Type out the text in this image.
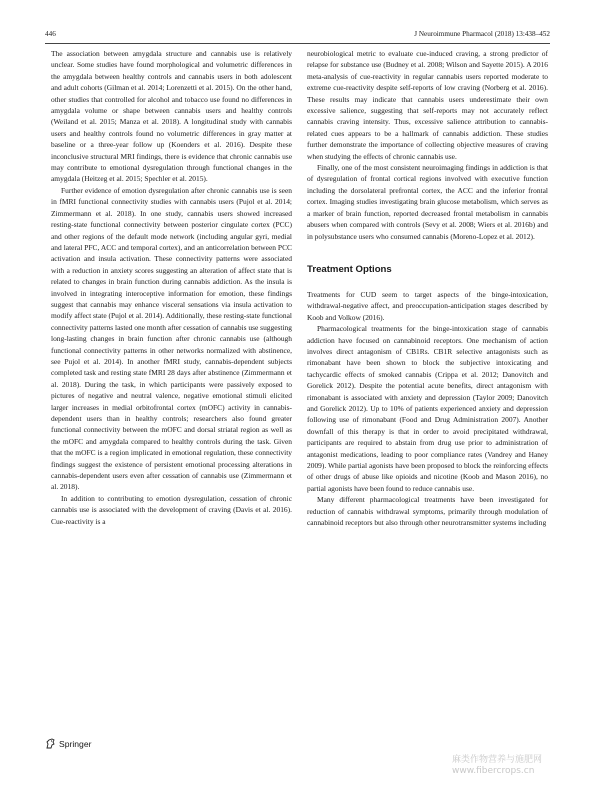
446	J Neuroimmune Pharmacol (2018) 13:438–452

The association between amygdala structure and cannabis use is relatively unclear. Some studies have found morphological and volumetric differences in the amygdala between healthy controls and cannabis users in both adolescent and adult cohorts (Gilman et al. 2014; Lorenzetti et al. 2015). On the other hand, other studies that controlled for alcohol and tobacco use found no differences in amygdala volume or shape between cannabis users and healthy controls (Weiland et al. 2015; Manza et al. 2018). A longitudinal study with cannabis users and healthy controls found no volumetric differences in gray matter at baseline or a three-year follow up (Koenders et al. 2016). Despite these inconclusive structural MRI findings, there is evidence that chronic cannabis use may contribute to emotional dysregulation through functional changes in the amygdala (Heitzeg et al. 2015; Spechler et al. 2015).

Further evidence of emotion dysregulation after chronic cannabis use is seen in fMRI functional connectivity studies with cannabis users (Pujol et al. 2014; Zimmermann et al. 2018). In one study, cannabis users showed increased resting-state functional connectivity between posterior cingulate cortex (PCC) and other regions of the default mode network (including angular gyri, medial and lateral PFC, ACC and temporal cortex), and an anticorrelation between PCC activation and insula activation. These connectivity patterns were associated with a reduction in anxiety scores suggesting an alteration of affect state that is related to changes in brain function during cannabis addiction. As the insula is involved in integrating interoceptive information for emotion, these findings suggest that cannabis may enhance visceral sensations via insula activation to modify affect state (Pujol et al. 2014). Additionally, these resting-state functional connectivity patterns lasted one month after cessation of cannabis use suggesting long-lasting changes in brain function after chronic cannabis use (although functional connectivity patterns in other networks normalized with abstinence, see Pujol et al. 2014). In another fMRI study, cannabis-dependent subjects completed task and resting state fMRI 28 days after abstinence (Zimmermann et al. 2018). During the task, in which participants were passively exposed to pictures of negative and neutral valence, negative emotional stimuli elicited larger increases in medial orbitofrontal cortex (mOFC) activity in cannabis-dependent users than in healthy controls; researchers also found greater functional connectivity between the mOFC and dorsal striatal region as well as the mOFC and amygdala compared to healthy controls during the task. Given that the mOFC is a region implicated in emotional regulation, these connectivity findings suggest the existence of persistent emotional processing alterations in cannabis-dependent users even after cessation of cannabis use (Zimmermann et al. 2018).

In addition to contributing to emotion dysregulation, cessation of chronic cannabis use is associated with the development of craving (Davis et al. 2016). Cue-reactivity is a

neurobiological metric to evaluate cue-induced craving, a strong predictor of relapse for substance use (Budney et al. 2008; Wilson and Sayette 2015). A 2016 meta-analysis of cue-reactivity in regular cannabis users reported moderate to extreme cue-reactivity despite self-reports of low craving (Norberg et al. 2016). These results may indicate that cannabis users underestimate their own excessive salience, suggesting that self-reports may not accurately reflect cannabis craving intensity. Thus, excessive salience attribution to cannabis-related cues appears to be a hallmark of cannabis addiction. These studies further demonstrate the importance of collecting objective measures of craving when studying the effects of chronic cannabis use.

Finally, one of the most consistent neuroimaging findings in addiction is that of dysregulation of frontal cortical regions involved with executive function including the dorsolateral prefrontal cortex, the ACC and the inferior frontal cortex. Imaging studies investigating brain glucose metabolism, which serves as a marker of brain function, reported decreased frontal metabolism in cannabis abusers when compared with controls (Sevy et al. 2008; Wiers et al. 2016b) and in polysubstance users who consumed cannabis (Moreno-Lopez et al. 2012).

Treatment Options

Treatments for CUD seem to target aspects of the binge-intoxication, withdrawal-negative affect, and preoccupation-anticipation stages described by Koob and Volkow (2016).

Pharmacological treatments for the binge-intoxication stage of cannabis addiction have focused on cannabinoid receptors. One mechanism of action involves direct antagonism of CB1Rs. CB1R selective antagonists such as rimonabant have been shown to block the subjective intoxicating and tachycardic effects of smoked cannabis (Crippa et al. 2012; Danovitch and Gorelick 2012). Despite the potential acute benefits, direct antagonism with rimonabant is associated with anxiety and depression (Taylor 2009; Danovitch and Gorelick 2012). Up to 10% of patients experienced anxiety and depression following use of rimonabant (Food and Drug Administration 2007). Another downfall of this therapy is that in order to avoid precipitated withdrawal, participants are required to abstain from drug use prior to administration of antagonist medications, leading to poor compliance rates (Vandrey and Haney 2009). While partial agonists have been proposed to block the reinforcing effects of other drugs of abuse like opioids and nicotine (Koob and Mason 2016), no partial agonists have been found to reduce cannabis use.

Many different pharmacological treatments have been investigated for reduction of cannabis withdrawal symptoms, primarily through modulation of cannabinoid receptors but also through other neurotransmitter systems including

Springer
麻类作物营养与施肥网
www.fibercrops.cn
